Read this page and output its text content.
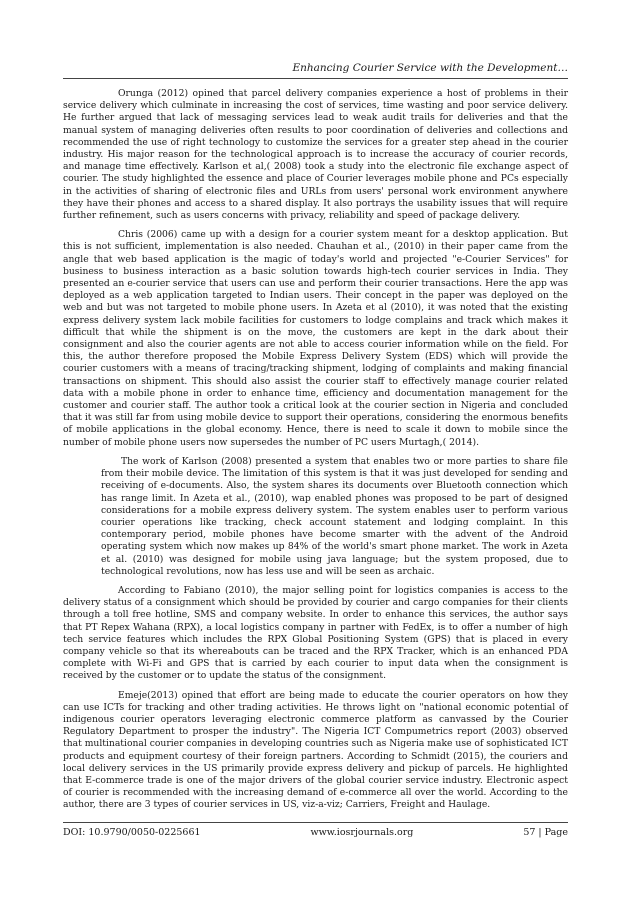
Enhancing Courier Service with the Development…

Orunga (2012) opined that parcel delivery companies experience a host of problems in their service delivery which culminate in increasing the cost of services, time wasting and poor service delivery. He further argued that lack of messaging services lead to weak audit trails for deliveries and that the manual system of managing deliveries often results to poor coordination of deliveries and collections and recommended the use of right technology to customize the services for a greater step ahead in the courier industry. His major reason for the technological approach is to increase the accuracy of courier records, and manage time effectively. Karlson et al,( 2008) took a study into the electronic file exchange aspect of courier. The study highlighted the essence and place of Courier leverages mobile phone and PCs especially in the activities of sharing of electronic files and URLs from users' personal work environment anywhere they have their phones and access to a shared display. It also portrays the usability issues that will require further refinement, such as users concerns with privacy, reliability and speed of package delivery.

Chris (2006) came up with a design for a courier system meant for a desktop application. But this is not sufficient, implementation is also needed. Chauhan et al., (2010) in their paper came from the angle that web based application is the magic of today's world and projected "e-Courier Services" for business to business interaction as a basic solution towards high-tech courier services in India. They presented an e-courier service that users can use and perform their courier transactions. Here the app was deployed as a web application targeted to Indian users. Their concept in the paper was deployed on the web and but was not targeted to mobile phone users. In Azeta et al (2010), it was noted that the existing express delivery system lack mobile facilities for customers to lodge complains and track which makes it difficult that while the shipment is on the move, the customers are kept in the dark about their consignment and also the courier agents are not able to access courier information while on the field. For this, the author therefore proposed the Mobile Express Delivery System (EDS) which will provide the courier customers with a means of tracing/tracking shipment, lodging of complaints and making financial transactions on shipment. This should also assist the courier staff to effectively manage courier related data with a mobile phone in order to enhance time, efficiency and documentation management for the customer and courier staff. The author took a critical look at the courier section in Nigeria and concluded that it was still far from using mobile device to support their operations, considering the enormous benefits of mobile applications in the global economy. Hence, there is need to scale it down to mobile since the number of mobile phone users now supersedes the number of PC users Murtagh,( 2014).

The work of Karlson (2008) presented a system that enables two or more parties to share file from their mobile device. The limitation of this system is that it was just developed for sending and receiving of e-documents. Also, the system shares its documents over Bluetooth connection which has range limit. In Azeta et al., (2010), wap enabled phones was proposed to be part of designed considerations for a mobile express delivery system. The system enables user to perform various courier operations like tracking, check account statement and lodging complaint. In this contemporary period, mobile phones have become smarter with the advent of the Android operating system which now makes up 84% of the world's smart phone market. The work in Azeta et al. (2010) was designed for mobile using java language; but the system proposed, due to technological revolutions, now has less use and will be seen as archaic.

According to Fabiano (2010), the major selling point for logistics companies is access to the delivery status of a consignment which should be provided by courier and cargo companies for their clients through a toll free hotline, SMS and company website. In order to enhance this services, the author says that PT Repex Wahana (RPX), a local logistics company in partner with FedEx, is to offer a number of high tech service features which includes the RPX Global Positioning System (GPS) that is placed in every company vehicle so that its whereabouts can be traced and the RPX Tracker, which is an enhanced PDA complete with Wi-Fi and GPS that is carried by each courier to input data when the consignment is received by the customer or to update the status of the consignment.

Emeje(2013) opined that effort are being made to educate the courier operators on how they can use ICTs for tracking and other trading activities. He throws light on "national economic potential of indigenous courier operators leveraging electronic commerce platform as canvassed by the Courier Regulatory Department to prosper the industry". The Nigeria ICT Compumetrics report (2003) observed that multinational courier companies in developing countries such as Nigeria make use of sophisticated ICT products and equipment courtesy of their foreign partners. According to Schmidt (2015), the couriers and local delivery services in the US primarily provide express delivery and pickup of parcels. He highlighted that E-commerce trade is one of the major drivers of the global courier service industry. Electronic aspect of courier is recommended with the increasing demand of e-commerce all over the world. According to the author, there are 3 types of courier services in US, viz-a-viz; Carriers, Freight and Haulage.

DOI: 10.9790/0050-0225661	www.iosrjournals.org	57 | Page
